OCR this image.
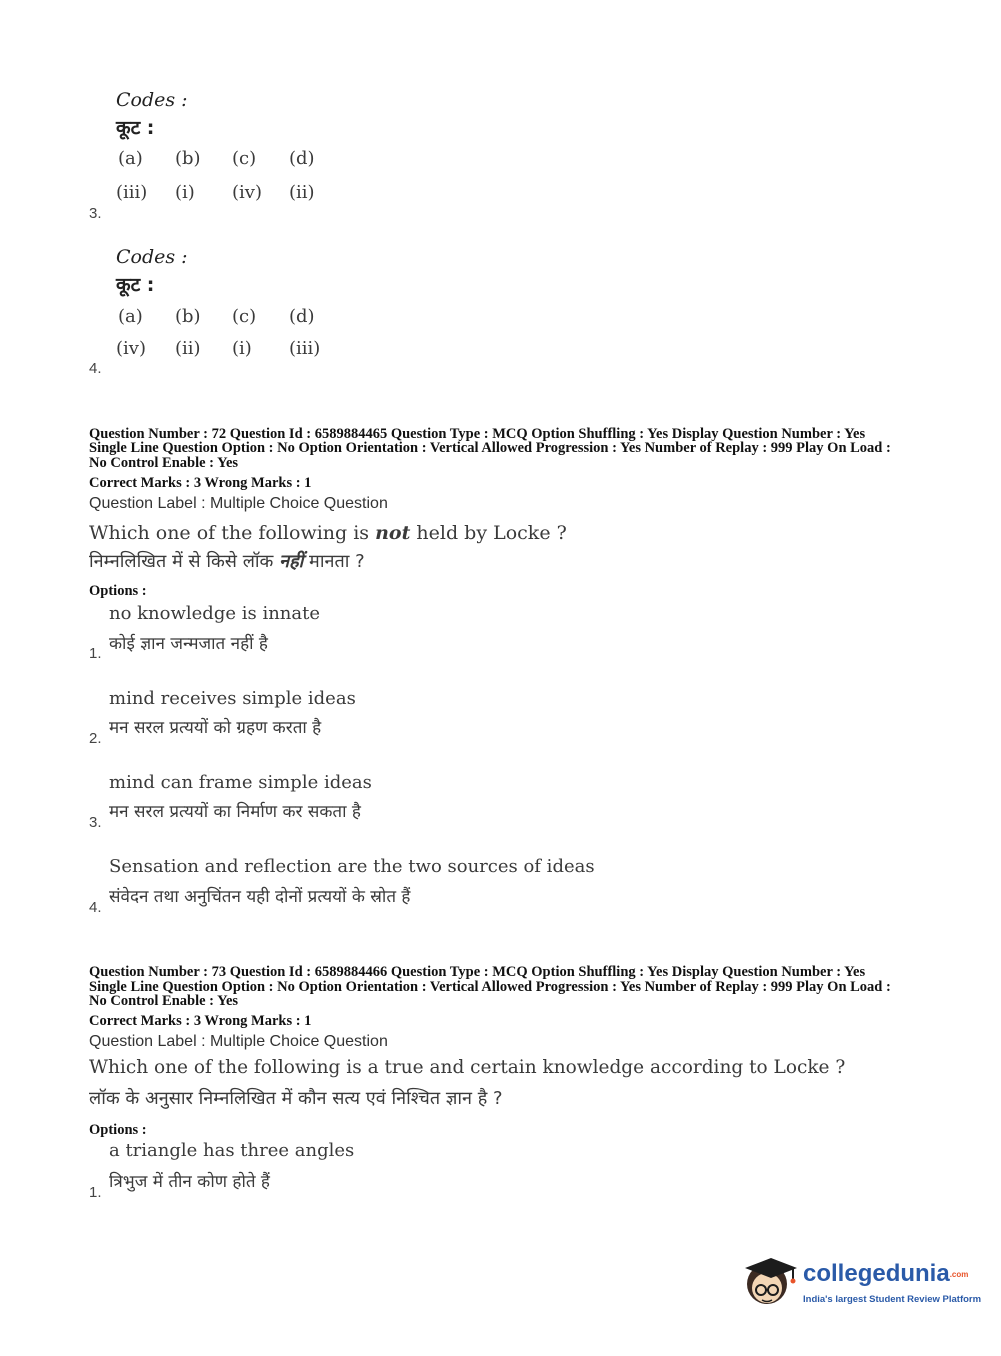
Codes :
कूट :
(a)	(b)	(c)	(d)
(iii)	(i)	(iv)	(ii)
3.
Codes :
कूट :
(a)	(b)	(c)	(d)
(iv)	(ii)	(i)	(iii)
4.
Question Number : 72 Question Id : 6589884465 Question Type : MCQ Option Shuffling : Yes Display Question Number : Yes
Single Line Question Option : No Option Orientation : Vertical Allowed Progression : Yes Number of Replay : 999 Play On Load :
No Control Enable : Yes
Correct Marks : 3 Wrong Marks : 1
Question Label : Multiple Choice Question
Which one of the following is not held by Locke ?
निम्नलिखित में से किसे लॉक नहीं मानता ?
Options :
no knowledge is innate
कोई ज्ञान जन्मजात नहीं है
1.
mind receives simple ideas
मन सरल प्रत्ययों को ग्रहण करता है
2.
mind can frame simple ideas
मन सरल प्रत्ययों का निर्माण कर सकता है
3.
Sensation and reflection are the two sources of ideas
संवेदन तथा अनुचिंतन यही दोनों प्रत्ययों के स्रोत हैं
4.
Question Number : 73 Question Id : 6589884466 Question Type : MCQ Option Shuffling : Yes Display Question Number : Yes
Single Line Question Option : No Option Orientation : Vertical Allowed Progression : Yes Number of Replay : 999 Play On Load :
No Control Enable : Yes
Correct Marks : 3 Wrong Marks : 1
Question Label : Multiple Choice Question
Which one of the following is a true and certain knowledge according to Locke ?
लॉक के अनुसार निम्नलिखित में कौन सत्य एवं निश्चित ज्ञान है ?
Options :
a triangle has three angles
त्रिभुज में तीन कोण होते हैं
1.
collegedunia.com
India's largest Student Review Platform
